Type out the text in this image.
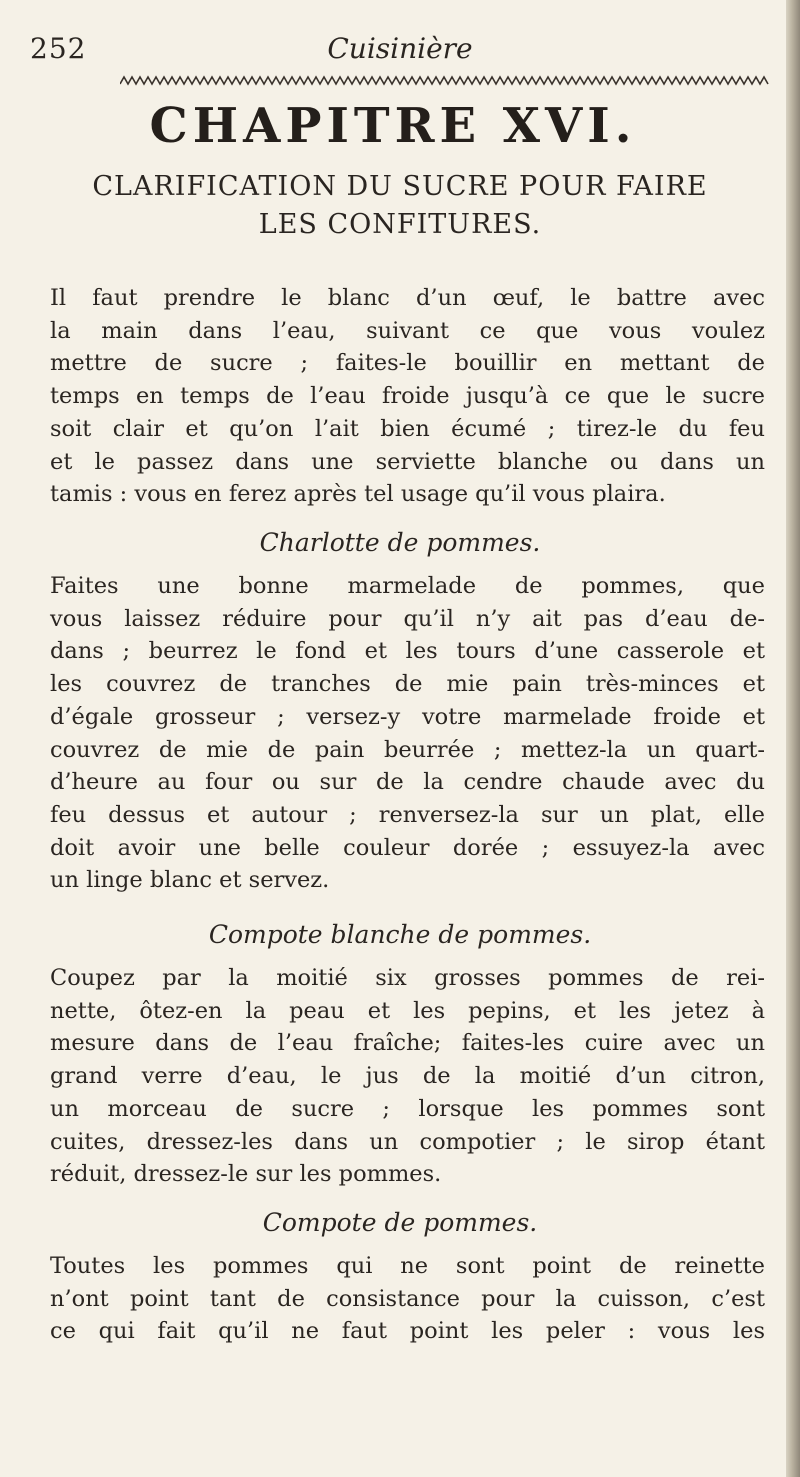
252	Cuisinière
CHAPITRE XVI.
CLARIFICATION DU SUCRE POUR FAIRE
LES CONFITURES.
Il faut prendre le blanc d’un œuf, le battre avec
la main dans l’eau, suivant ce que vous voulez
mettre de sucre ; faites-le bouillir en mettant de
temps en temps de l’eau froide jusqu’à ce que le sucre
soit clair et qu’on l’ait bien écumé ; tirez-le du feu
et le passez dans une serviette blanche ou dans un
tamis : vous en ferez après tel usage qu’il vous plaira.
Charlotte de pommes.
Faites une bonne marmelade de pommes, que
vous laissez réduire pour qu’il n’y ait pas d’eau de-
dans ; beurrez le fond et les tours d’une casserole et
les couvrez de tranches de mie pain très-minces et
d’égale grosseur ; versez-y votre marmelade froide et
couvrez de mie de pain beurrée ; mettez-la un quart-
d’heure au four ou sur de la cendre chaude avec du
feu dessus et autour ; renversez-la sur un plat, elle
doit avoir une belle couleur dorée ; essuyez-la avec
un linge blanc et servez.
Compote blanche de pommes.
Coupez par la moitié six grosses pommes de rei-
nette, ôtez-en la peau et les pepins, et les jetez à
mesure dans de l’eau fraîche; faites-les cuire avec un
grand verre d’eau, le jus de la moitié d’un citron,
un morceau de sucre ; lorsque les pommes sont
cuites, dressez-les dans un compotier ; le sirop étant
réduit, dressez-le sur les pommes.
Compote de pommes.
Toutes les pommes qui ne sont point de reinette
n’ont point tant de consistance pour la cuisson, c’est
ce qui fait qu’il ne faut point les peler : vous les
